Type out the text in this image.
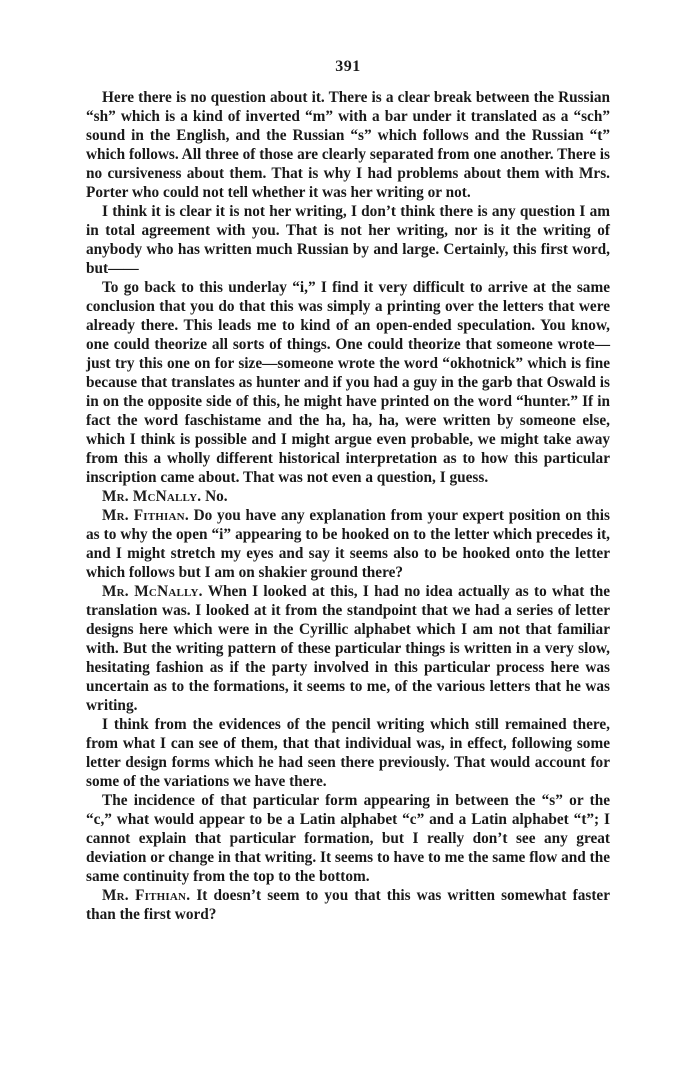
391

Here there is no question about it. There is a clear break between the Russian “sh” which is a kind of inverted “m” with a bar under it translated as a “sch” sound in the English, and the Russian “s” which follows and the Russian “t” which follows. All three of those are clearly separated from one another. There is no cursiveness about them. That is why I had problems about them with Mrs. Porter who could not tell whether it was her writing or not.

I think it is clear it is not her writing, I don’t think there is any question I am in total agreement with you. That is not her writing, nor is it the writing of anybody who has written much Russian by and large. Certainly, this first word, but——

To go back to this underlay “i,” I find it very difficult to arrive at the same conclusion that you do that this was simply a printing over the letters that were already there. This leads me to kind of an open-ended speculation. You know, one could theorize all sorts of things. One could theorize that someone wrote—just try this one on for size—someone wrote the word “okhotnick” which is fine because that translates as hunter and if you had a guy in the garb that Oswald is in on the opposite side of this, he might have printed on the word “hunter.” If in fact the word faschistame and the ha, ha, ha, were written by someone else, which I think is possible and I might argue even probable, we might take away from this a wholly different historical interpretation as to how this particular inscription came about. That was not even a question, I guess.

Mr. McNally. No.

Mr. Fithian. Do you have any explanation from your expert position on this as to why the open “i” appearing to be hooked on to the letter which precedes it, and I might stretch my eyes and say it seems also to be hooked onto the letter which follows but I am on shakier ground there?

Mr. McNally. When I looked at this, I had no idea actually as to what the translation was. I looked at it from the standpoint that we had a series of letter designs here which were in the Cyrillic alphabet which I am not that familiar with. But the writing pattern of these particular things is written in a very slow, hesitating fashion as if the party involved in this particular process here was uncertain as to the formations, it seems to me, of the various letters that he was writing.

I think from the evidences of the pencil writing which still remained there, from what I can see of them, that that individual was, in effect, following some letter design forms which he had seen there previously. That would account for some of the variations we have there.

The incidence of that particular form appearing in between the “s” or the “c,” what would appear to be a Latin alphabet “c” and a Latin alphabet “t”; I cannot explain that particular formation, but I really don’t see any great deviation or change in that writing. It seems to have to me the same flow and the same continuity from the top to the bottom.

Mr. Fithian. It doesn’t seem to you that this was written somewhat faster than the first word?
